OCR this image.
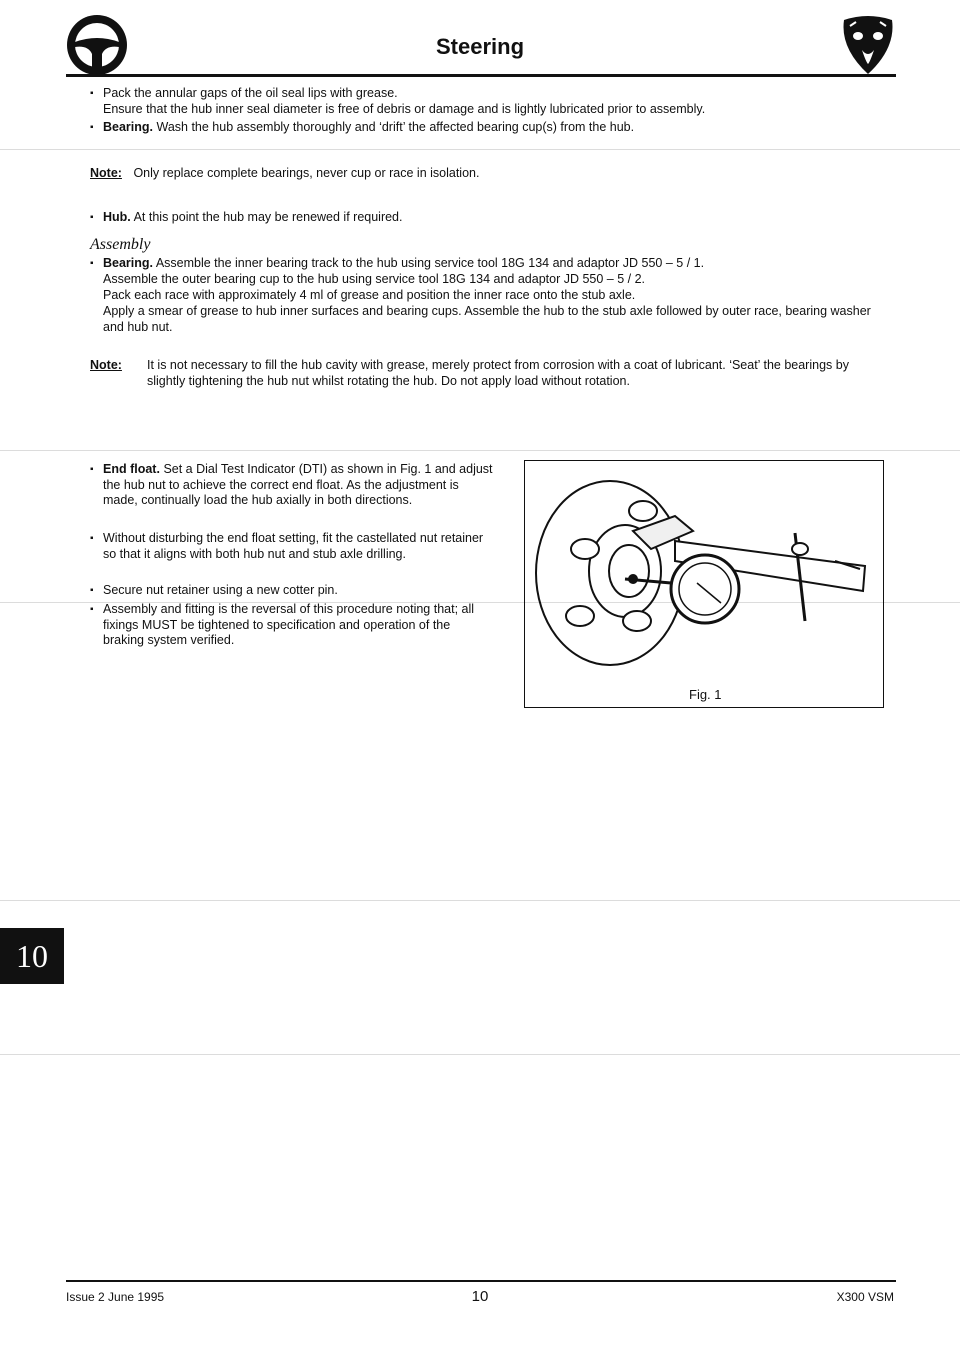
Steering
▪ Pack the annular gaps of the oil seal lips with grease.
Ensure that the hub inner seal diameter is free of debris or damage and is lightly lubricated prior to assembly.
▪ Bearing. Wash the hub assembly thoroughly and ‘drift’ the affected bearing cup(s) from the hub.
Note: Only replace complete bearings, never cup or race in isolation.
▪ Hub. At this point the hub may be renewed if required.
Assembly
▪ Bearing. Assemble the inner bearing track to the hub using service tool 18G 134 and adaptor JD 550 – 5 / 1.
Assemble the outer bearing cup to the hub using service tool 18G 134 and adaptor JD 550 – 5 / 2.
Pack each race with approximately 4 ml of grease and position the inner race onto the stub axle.
Apply a smear of grease to hub inner surfaces and bearing cups. Assemble the hub to the stub axle followed by outer race, bearing washer and hub nut.
Note: It is not necessary to fill the hub cavity with grease, merely protect from corrosion with a coat of lubricant. ‘Seat’ the bearings by slightly tightening the hub nut whilst rotating the hub. Do not apply load without rotation.
▪ End float. Set a Dial Test Indicator (DTI) as shown in Fig. 1 and adjust the hub nut to achieve the correct end float. As the adjustment is made, continually load the hub axially in both directions.
▪ Without disturbing the end float setting, fit the castellated nut retainer so that it aligns with both hub nut and stub axle drilling.
▪ Secure nut retainer using a new cotter pin.
▪ Assembly and fitting is the reversal of this procedure noting that; all fixings MUST be tightened to specification and operation of the braking system verified.
Fig. 1
10
Issue 2 June 1995	10	X300 VSM
